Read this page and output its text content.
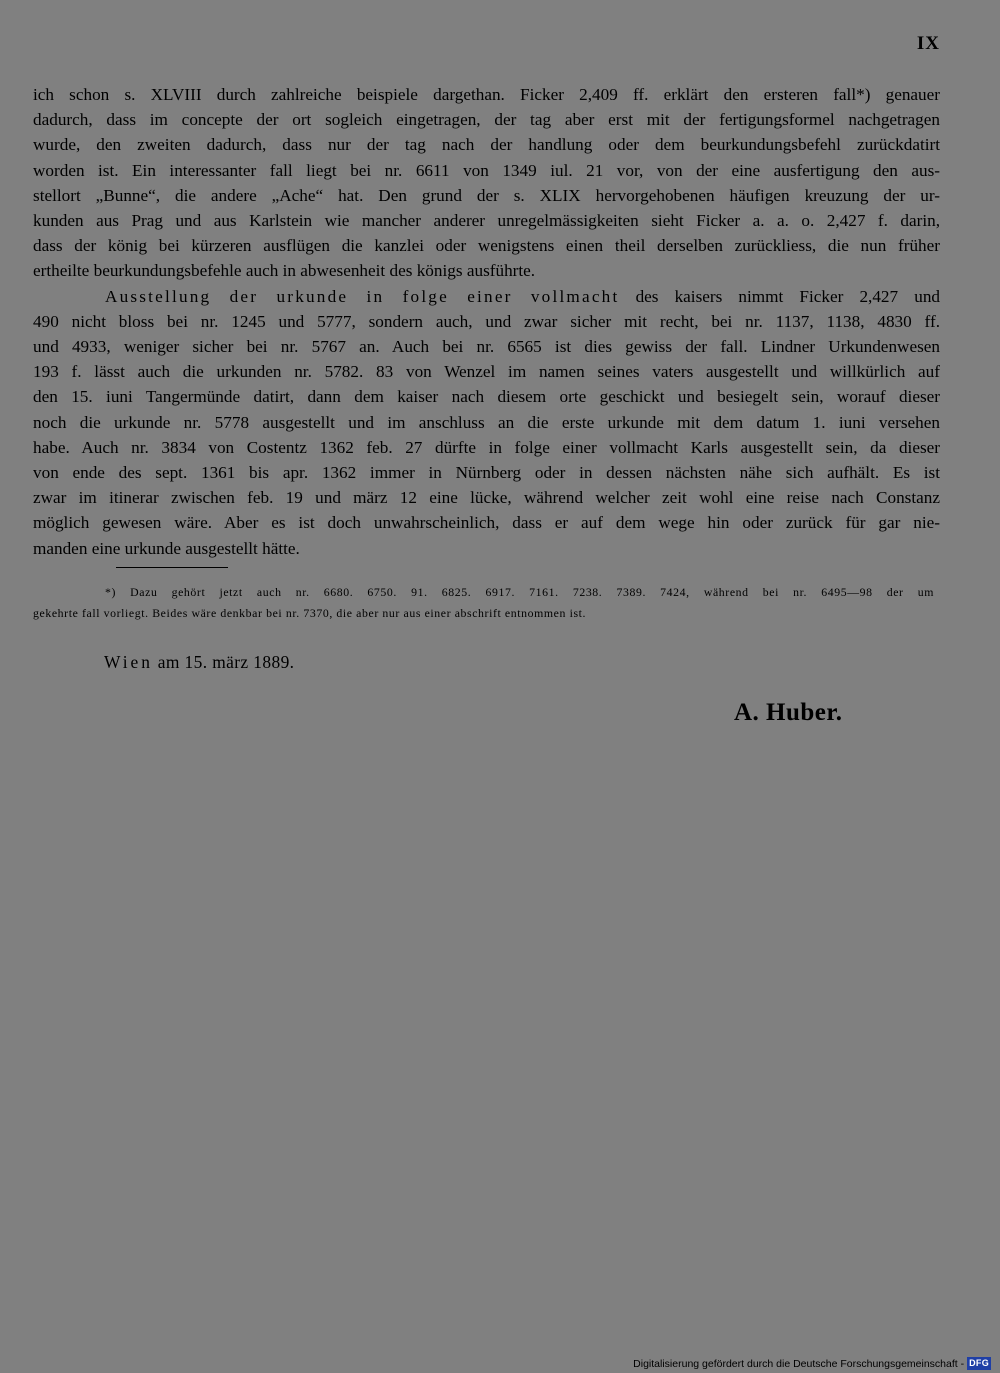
IX
ich schon s. XLVIII durch zahlreiche beispiele dargethan. Ficker 2,409 ff. erklärt den ersteren fall*) genauer
dadurch, dass im concepte der ort sogleich eingetragen, der tag aber erst mit der fertigungsformel nachgetragen
wurde, den zweiten dadurch, dass nur der tag nach der handlung oder dem beurkundungsbefehl zurückdatirt
worden ist. Ein interessanter fall liegt bei nr. 6611 von 1349 iul. 21 vor, von der eine ausfertigung den aus-
stellort „Bunne“, die andere „Ache“ hat. Den grund der s. XLIX hervorgehobenen häufigen kreuzung der ur-
kunden aus Prag und aus Karlstein wie mancher anderer unregelmässigkeiten sieht Ficker a. a. o. 2,427 f. darin,
dass der könig bei kürzeren ausflügen die kanzlei oder wenigstens einen theil derselben zurückliess, die nun früher
ertheilte beurkundungsbefehle auch in abwesenheit des königs ausführte.
Ausstellung der urkunde in folge einer vollmacht des kaisers nimmt Ficker 2,427 und
490 nicht bloss bei nr. 1245 und 5777, sondern auch, und zwar sicher mit recht, bei nr. 1137, 1138, 4830 ff.
und 4933, weniger sicher bei nr. 5767 an. Auch bei nr. 6565 ist dies gewiss der fall. Lindner Urkundenwesen
193 f. lässt auch die urkunden nr. 5782. 83 von Wenzel im namen seines vaters ausgestellt und willkürlich auf
den 15. iuni Tangermünde datirt, dann dem kaiser nach diesem orte geschickt und besiegelt sein, worauf dieser
noch die urkunde nr. 5778 ausgestellt und im anschluss an die erste urkunde mit dem datum 1. iuni versehen
habe. Auch nr. 3834 von Costentz 1362 feb. 27 dürfte in folge einer vollmacht Karls ausgestellt sein, da dieser
von ende des sept. 1361 bis apr. 1362 immer in Nürnberg oder in dessen nächsten nähe sich aufhält. Es ist
zwar im itinerar zwischen feb. 19 und märz 12 eine lücke, während welcher zeit wohl eine reise nach Constanz
möglich gewesen wäre. Aber es ist doch unwahrscheinlich, dass er auf dem wege hin oder zurück für gar nie-
manden eine urkunde ausgestellt hätte.
*) Dazu gehört jetzt auch nr. 6680. 6750. 91. 6825. 6917. 7161. 7238. 7389. 7424, während bei nr. 6495—98 der um
gekehrte fall vorliegt. Beides wäre denkbar bei nr. 7370, die aber nur aus einer abschrift entnommen ist.
Wien am 15. märz 1889.
A. Huber.
Digitalisierung gefördert durch die Deutsche Forschungsgemeinschaft - DFG
